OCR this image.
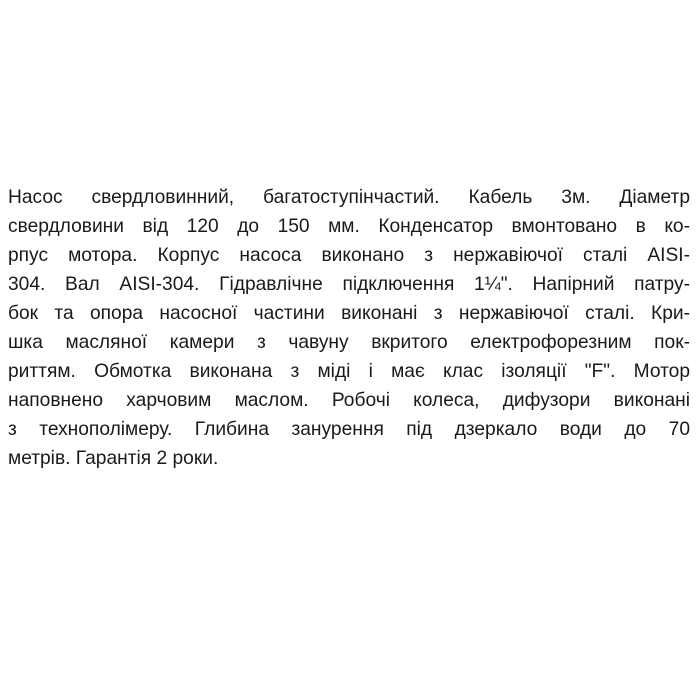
Насос свердловинний, багатоступінчастий. Кабель 3м. Діаметр
свердловини від 120 до 150 мм. Конденсатор вмонтовано в ко-
рпус мотора. Корпус насоса виконано з нержавіючої сталі AISI-
304. Вал AISI-304. Гідравлічне підключення 1¼". Напірний патру-
бок та опора насосної частини виконані з нержавіючої сталі. Кри-
шка масляної камери з чавуну вкритого електрофорезним пок-
риттям. Обмотка виконана з міді і має клас ізоляції "F". Мотор
наповнено харчовим маслом. Робочі колеса, дифузори виконані
з технополімеру. Глибина занурення під дзеркало води до 70
метрів. Гарантія 2 роки.
